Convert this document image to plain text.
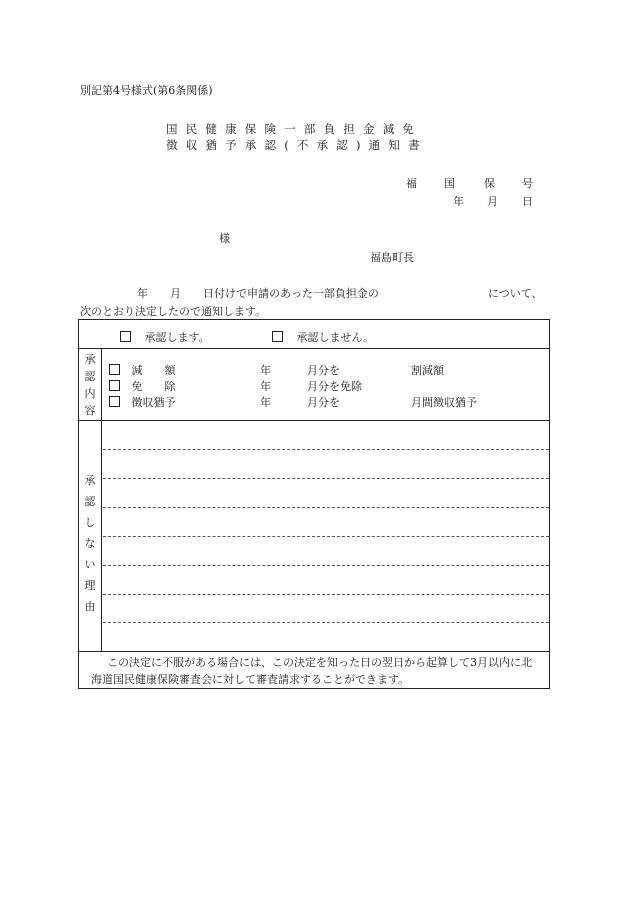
別記第4号様式(第6条関係)
国民健康保険一部負担金減免
徴収猶予承認(不承認)通知書
福 国	保 号
年 月 日
様
福島町長
年　　月　　日付けで申請のあった一部負担金の	について、
次のとおり決定したので通知します。
承認します。	承認しません。
承
認
内
容
減　　額	年	月分を	割減額
免　　除	年	月分を免除
徴収猶予	年	月分を	月間徴収猶予
承
認
し
な
い
理
由
この決定に不服がある場合には、この決定を知った日の翌日から起算して3月以内に北海道国民健康保険審査会に対して審査請求することができます。
